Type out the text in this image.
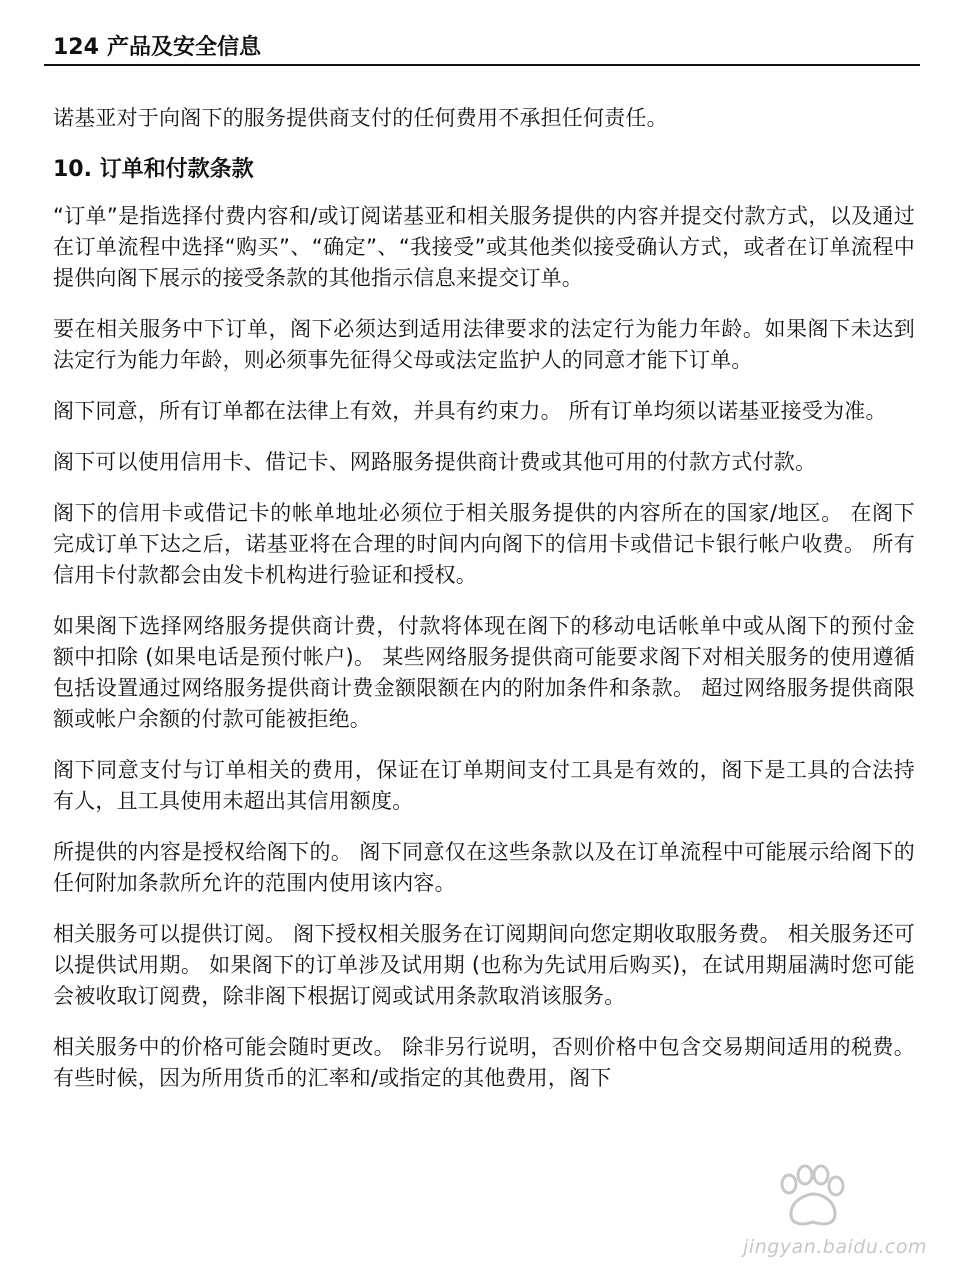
124 产品及安全信息

诺基亚对于向阁下的服务提供商支付的任何费用不承担任何责任。

10. 订单和付款条款

“订单”是指选择付费内容和/或订阅诺基亚和相关服务提供的内容并提交付款方式，以及通过在订单流程中选择“购买”、“确定”、“我接受”或其他类似接受确认方式，或者在订单流程中提供向阁下展示的接受条款的其他指示信息来提交订单。

要在相关服务中下订单，阁下必须达到适用法律要求的法定行为能力年龄。如果阁下未达到法定行为能力年龄，则必须事先征得父母或法定监护人的同意才能下订单。

阁下同意，所有订单都在法律上有效，并具有约束力。 所有订单均须以诺基亚接受为准。

阁下可以使用信用卡、借记卡、网路服务提供商计费或其他可用的付款方式付款。

阁下的信用卡或借记卡的帐单地址必须位于相关服务提供的内容所在的国家/地区。 在阁下完成订单下达之后，诺基亚将在合理的时间内向阁下的信用卡或借记卡银行帐户收费。 所有信用卡付款都会由发卡机构进行验证和授权。

如果阁下选择网络服务提供商计费，付款将体现在阁下的移动电话帐单中或从阁下的预付金额中扣除 (如果电话是预付帐户)。 某些网络服务提供商可能要求阁下对相关服务的使用遵循包括设置通过网络服务提供商计费金额限额在内的附加条件和条款。 超过网络服务提供商限额或帐户余额的付款可能被拒绝。

阁下同意支付与订单相关的费用，保证在订单期间支付工具是有效的，阁下是工具的合法持有人，且工具使用未超出其信用额度。

所提供的内容是授权给阁下的。 阁下同意仅在这些条款以及在订单流程中可能展示给阁下的任何附加条款所允许的范围内使用该内容。

相关服务可以提供订阅。 阁下授权相关服务在订阅期间向您定期收取服务费。 相关服务还可以提供试用期。 如果阁下的订单涉及试用期 (也称为先试用后购买)，在试用期届满时您可能会被收取订阅费，除非阁下根据订阅或试用条款取消该服务。

相关服务中的价格可能会随时更改。 除非另行说明，否则价格中包含交易期间适用的税费。 有些时候，因为所用货币的汇率和/或指定的其他费用，阁下

jingyan.baidu.com
